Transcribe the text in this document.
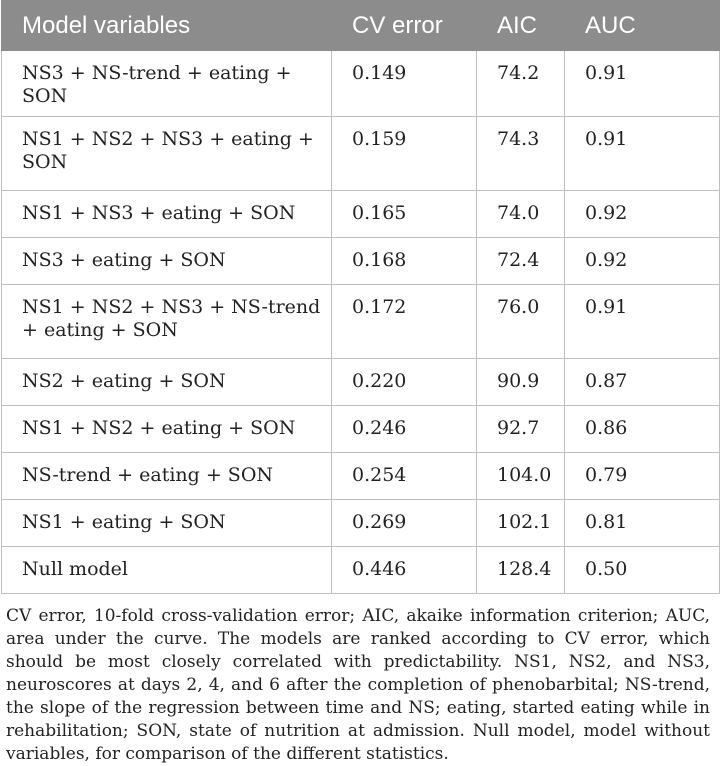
Model variables	CV error	AIC	AUC
NS3 + NS-trend + eating + SON	0.149	74.2	0.91
NS1 + NS2 + NS3 + eating + SON	0.159	74.3	0.91
NS1 + NS3 + eating + SON	0.165	74.0	0.92
NS3 + eating + SON	0.168	72.4	0.92
NS1 + NS2 + NS3 + NS-trend + eating + SON	0.172	76.0	0.91
NS2 + eating + SON	0.220	90.9	0.87
NS1 + NS2 + eating + SON	0.246	92.7	0.86
NS-trend + eating + SON	0.254	104.0	0.79
NS1 + eating + SON	0.269	102.1	0.81
Null model	0.446	128.4	0.50
CV error, 10-fold cross-validation error; AIC, akaike information criterion; AUC, area under the curve. The models are ranked according to CV error, which should be most closely correlated with predictability. NS1, NS2, and NS3, neuroscores at days 2, 4, and 6 after the completion of phenobarbital; NS-trend, the slope of the regression between time and NS; eating, started eating while in rehabilitation; SON, state of nutrition at admission. Null model, model without variables, for comparison of the different statistics.
